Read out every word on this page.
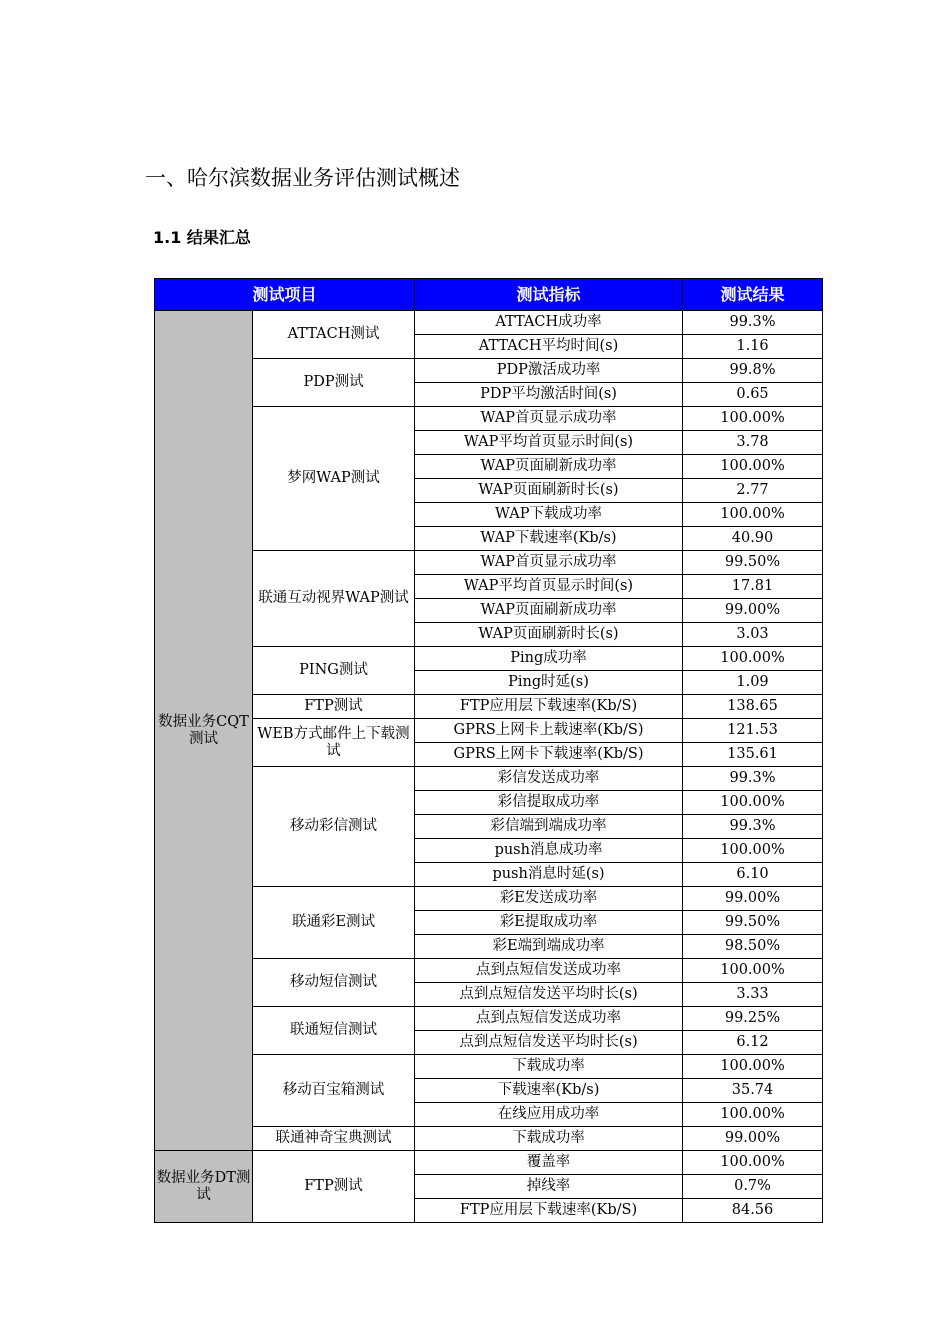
一、哈尔滨数据业务评估测试概述
1.1 结果汇总
测试项目		测试指标	测试结果
数据业务CQT测试	ATTACH测试	ATTACH成功率	99.3%
		ATTACH平均时间(s)	1.16
	PDP测试	PDP激活成功率	99.8%
		PDP平均激活时间(s)	0.65
	梦网WAP测试	WAP首页显示成功率	100.00%
		WAP平均首页显示时间(s)	3.78
		WAP页面刷新成功率	100.00%
		WAP页面刷新时长(s)	2.77
		WAP下载成功率	100.00%
		WAP下载速率(Kb/s)	40.90
	联通互动视界WAP测试	WAP首页显示成功率	99.50%
		WAP平均首页显示时间(s)	17.81
		WAP页面刷新成功率	99.00%
		WAP页面刷新时长(s)	3.03
	PING测试	Ping成功率	100.00%
		Ping时延(s)	1.09
	FTP测试	FTP应用层下载速率(Kb/S)	138.65
	WEB方式邮件上下载测试	GPRS上网卡上载速率(Kb/S)	121.53
		GPRS上网卡下载速率(Kb/S)	135.61
	移动彩信测试	彩信发送成功率	99.3%
		彩信提取成功率	100.00%
		彩信端到端成功率	99.3%
		push消息成功率	100.00%
		push消息时延(s)	6.10
	联通彩E测试	彩E发送成功率	99.00%
		彩E提取成功率	99.50%
		彩E端到端成功率	98.50%
	移动短信测试	点到点短信发送成功率	100.00%
		点到点短信发送平均时长(s)	3.33
	联通短信测试	点到点短信发送成功率	99.25%
		点到点短信发送平均时长(s)	6.12
	移动百宝箱测试	下载成功率	100.00%
		下载速率(Kb/s)	35.74
		在线应用成功率	100.00%
	联通神奇宝典测试	下载成功率	99.00%
数据业务DT测试	FTP测试	覆盖率	100.00%
		掉线率	0.7%
		FTP应用层下载速率(Kb/S)	84.56
